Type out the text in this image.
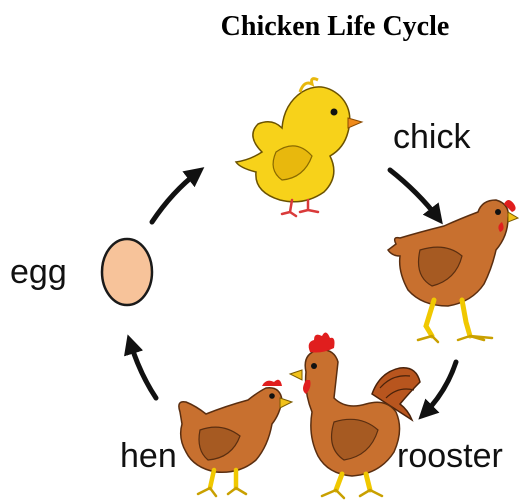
Chicken Life Cycle
chick
egg
hen	rooster
